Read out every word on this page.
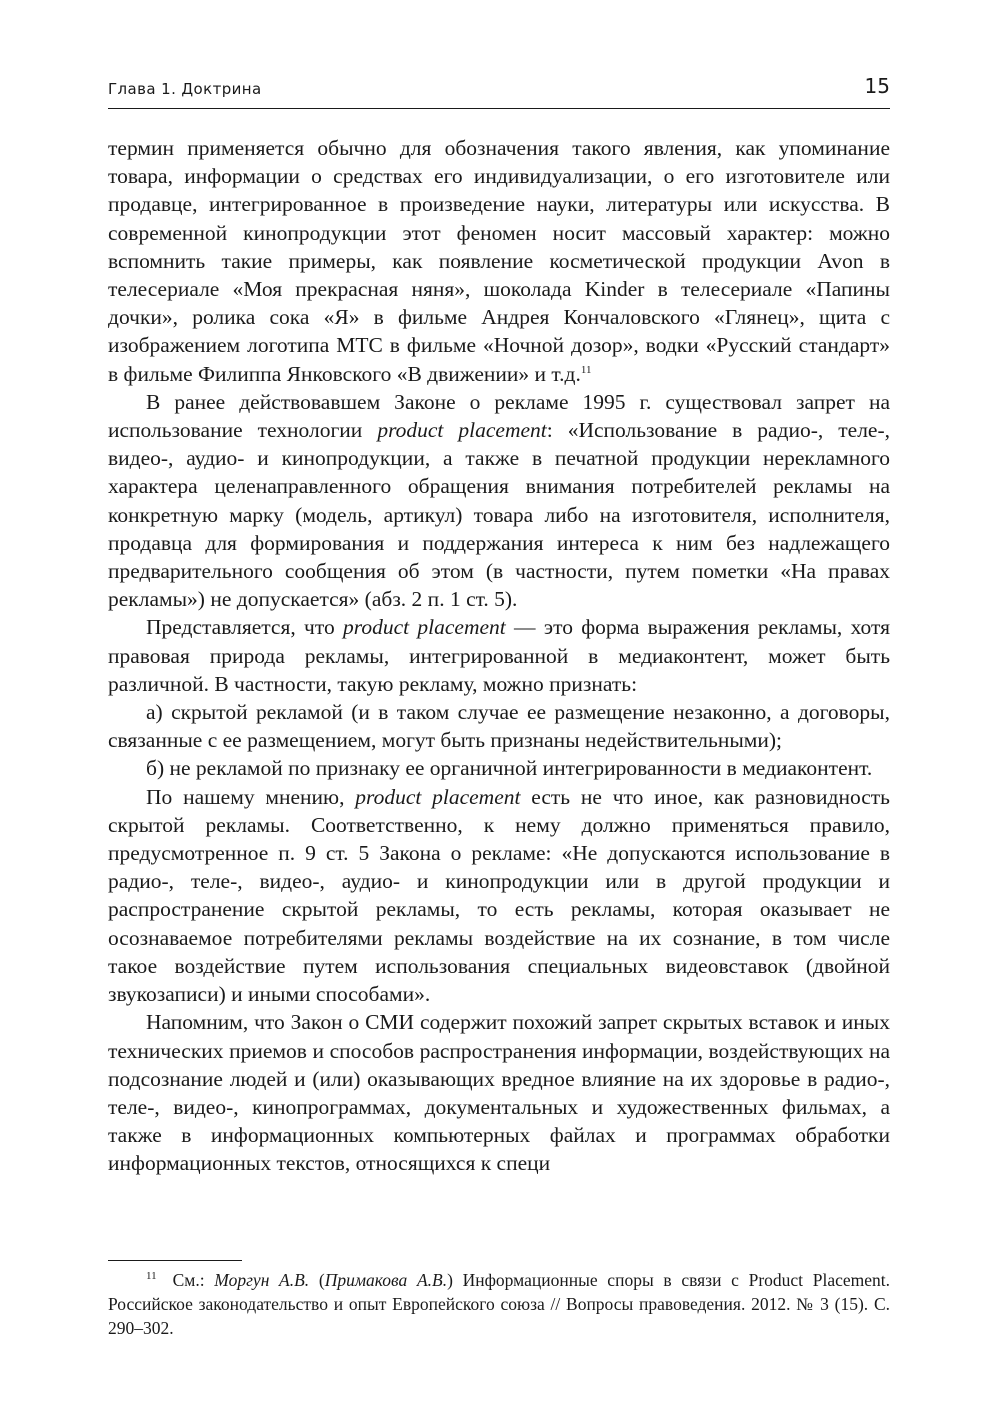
Глава 1. Доктрина	15

термин применяется обычно для обозначения такого явления, как упоминание товара, информации о средствах его индивидуализации, о его изготовителе или продавце, интегрированное в произведение науки, литературы или искусства. В современной кинопродукции этот феномен носит массовый характер: можно вспомнить такие примеры, как появление косметической продукции Avon в телесериале «Моя прекрасная няня», шоколада Kinder в телесериале «Папины дочки», ролика сока «Я» в фильме Андрея Кончаловского «Глянец», щита с изображением логотипа МТС в фильме «Ночной дозор», водки «Русский стандарт» в фильме Филиппа Янковского «В движении» и т.д.$^{11}$

В ранее действовавшем Законе о рекламе 1995 г. существовал запрет на использование технологии product placement: «Использование в радио-, теле-, видео-, аудио- и кинопродукции, а также в печатной продукции нерекламного характера целенаправленного обращения внимания потребителей рекламы на конкретную марку (модель, артикул) товара либо на изготовителя, исполнителя, продавца для формирования и поддержания интереса к ним без надлежащего предварительного сообщения об этом (в частности, путем пометки «На правах рекламы») не допускается» (абз. 2 п. 1 ст. 5).

Представляется, что product placement — это форма выражения рекламы, хотя правовая природа рекламы, интегрированной в медиаконтент, может быть различной. В частности, такую рекламу, можно признать:

а) скрытой рекламой (и в таком случае ее размещение незаконно, а договоры, связанные с ее размещением, могут быть признаны недействительными);

б) не рекламой по признаку ее органичной интегрированности в медиаконтент.

По нашему мнению, product placement есть не что иное, как разновидность скрытой рекламы. Соответственно, к нему должно применяться правило, предусмотренное п. 9 ст. 5 Закона о рекламе: «Не допускаются использование в радио-, теле-, видео-, аудио- и кинопродукции или в другой продукции и распространение скрытой рекламы, то есть рекламы, которая оказывает не осознаваемое потребителями рекламы воздействие на их сознание, в том числе такое воздействие путем использования специальных видеовставок (двойной звукозаписи) и иными способами».

Напомним, что Закон о СМИ содержит похожий запрет скрытых вставок и иных технических приемов и способов распространения информации, воздействующих на подсознание людей и (или) оказывающих вредное влияние на их здоровье в радио-, теле-, видео-, кинопрограммах, документальных и художественных фильмах, а также в информационных компьютерных файлах и программах обработки информационных текстов, относящихся к специ

$^{11}$ См.: Моргун А.В. (Примакова А.В.) Информационные споры в связи с Product Placement. Российское законодательство и опыт Европейского союза // Вопросы правоведения. 2012. № 3 (15). С. 290–302.
